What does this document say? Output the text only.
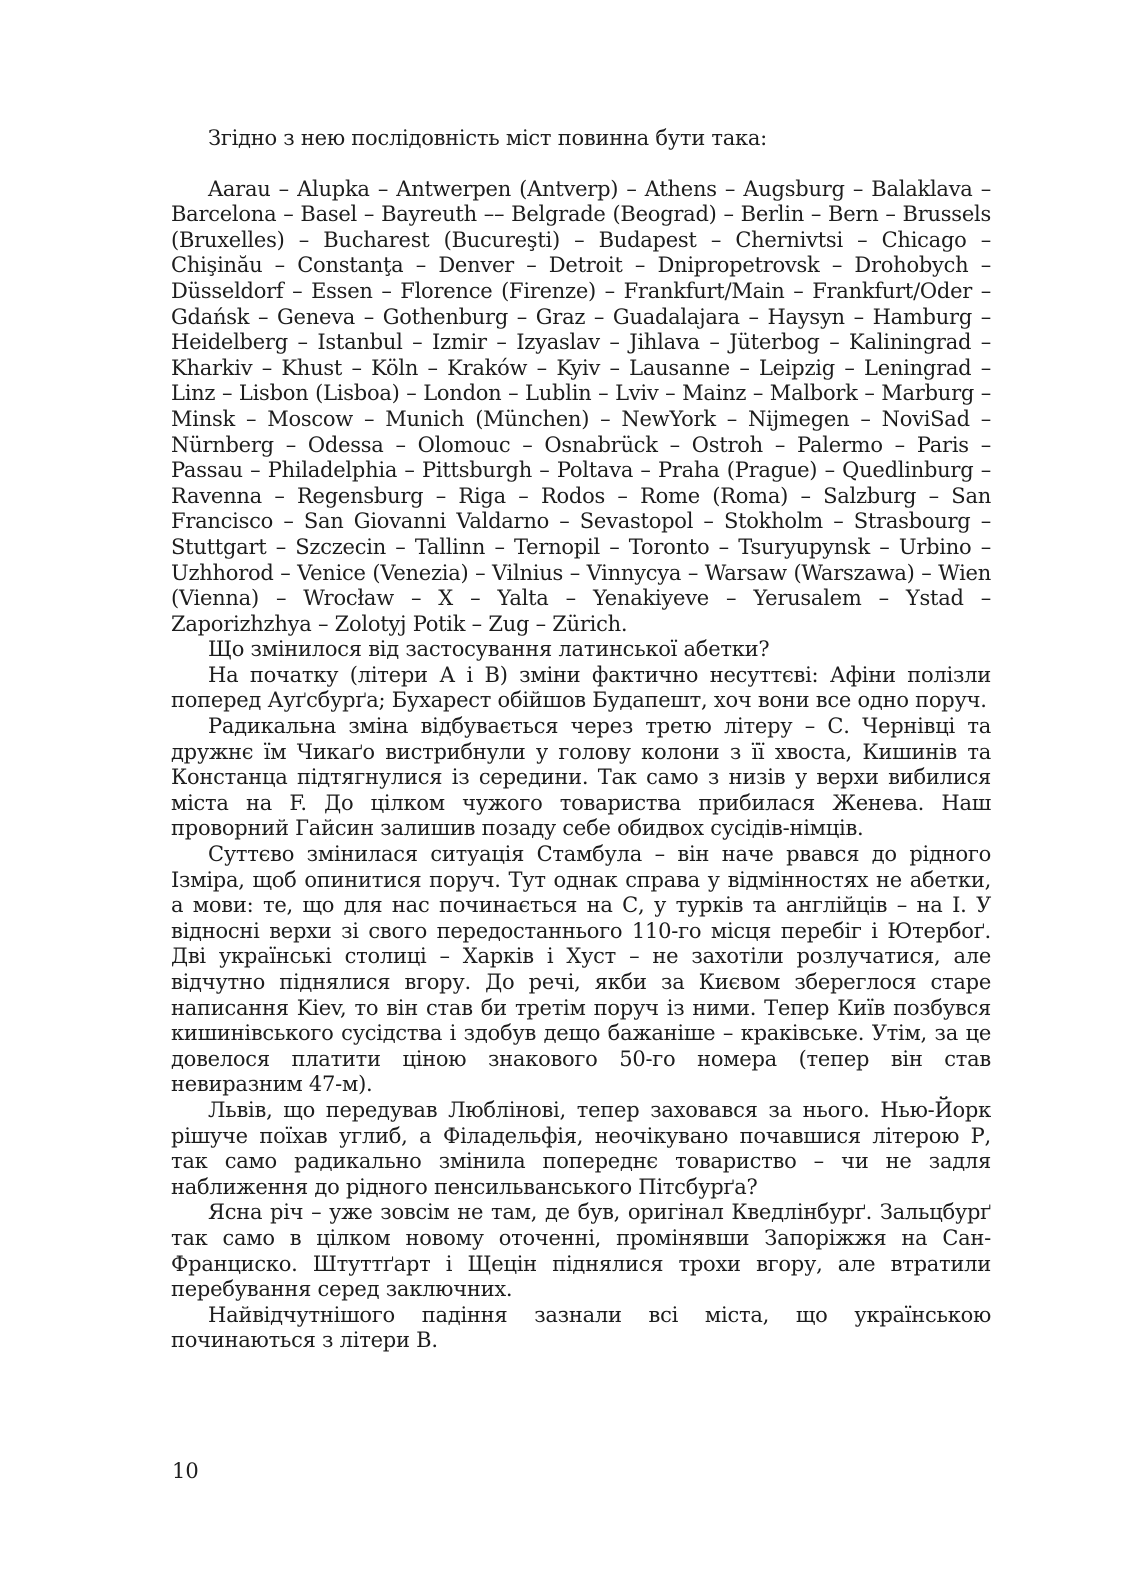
Згідно з нею послідовність міст повинна бути така:

Aarau – Alupka – Antwerpen (Antverp) – Athens – Augsburg – Balaklava – Barcelona – Basel – Bayreuth –– Belgrade (Beograd) – Berlin – Bern – Brussels (Bruxelles) – Bucharest (Bucureşti) – Budapest – Chernivtsi – Chicago – Chişinău – Constanţa – Denver – Detroit – Dnipropetrovsk – Drohobych – Düsseldorf – Essen – Florence (Firenze) – Frankfurt/Main – Frankfurt/Oder – Gdańsk – Geneva – Gothenburg – Graz – Guadalajara – Haysyn – Hamburg – Heidelberg – Istanbul – Izmir – Izyaslav – Jihlava – Jüterbog – Kaliningrad – Kharkiv – Khust – Köln – Kraków – Kyiv – Lausanne – Leipzig – Leningrad – Linz – Lisbon (Lisboa) – London – Lublin – Lviv – Mainz – Malbork – Marburg – Minsk – Moscow – Munich (München) – NewYork – Nijmegen – NoviSad – Nürnberg – Odessa – Olomouc – Osnabrück – Ostroh – Palermo – Paris – Passau – Philadelphia – Pittsburgh – Poltava – Praha (Prague) – Quedlinburg – Ravenna – Regensburg – Riga – Rodos – Rome (Roma) – Salzburg – San Francisco – San Giovanni Valdarno – Sevastopol – Stokholm – Strasbourg – Stuttgart – Szczecin – Tallinn – Ternopil – Toronto – Tsuryupynsk – Urbino – Uzhhorod – Venice (Venezia) – Vilnius – Vinnycya – Warsaw (Warszawa) – Wien (Vienna) – Wrocław – X – Yalta – Yenakiyeve – Yerusalem – Ystad – Zaporizhzhya – Zolotyj Potik – Zug – Zürich.

Що змінилося від застосування латинської абетки?

На початку (літери А і В) зміни фактично несуттєві: Афіни полізли поперед Ауґсбурґа; Бухарест обійшов Будапешт, хоч вони все одно поруч.

Радикальна зміна відбувається через третю літеру – С. Чернівці та дружнє їм Чикаґо вистрибнули у голову колони з її хвоста, Кишинів та Констанца підтягнулися із середини. Так само з низів у верхи вибилися міста на F. До цілком чужого товариства прибилася Женева. Наш проворний Гайсин залишив позаду себе обидвох сусідів-німців.

Суттєво змінилася ситуація Стамбула – він наче рвався до рідного Ізміра, щоб опинитися поруч. Тут однак справа у відмінностях не абетки, а мови: те, що для нас починається на С, у турків та англійців – на І. У відносні верхи зі свого передостаннього 110-го місця перебіг і Ютербоґ. Дві українські столиці – Харків і Хуст – не захотіли розлучатися, але відчутно піднялися вгору. До речі, якби за Києвом збереглося старе написання Kiev, то він став би третім поруч із ними. Тепер Київ позбувся кишинівського сусідства і здобув дещо бажаніше – краківське. Утім, за це довелося платити ціною знакового 50-го номера (тепер він став невиразним 47-м).

Львів, що передував Люблінові, тепер заховався за нього. Нью-Йорк рішуче поїхав углиб, а Філадельфія, неочікувано почавшися літерою Р, так само радикально змінила попереднє товариство – чи не задля наближення до рідного пенсильванського Пітсбурґа?

Ясна річ – уже зовсім не там, де був, оригінал Кведлінбурґ. Зальцбурґ так само в цілком новому оточенні, промінявши Запоріжжя на Сан-Франциско. Штуттґарт і Щецін піднялися трохи вгору, але втратили перебування серед заключних.

Найвідчутнішого падіння зазнали всі міста, що українською починаються з літери В.

10
